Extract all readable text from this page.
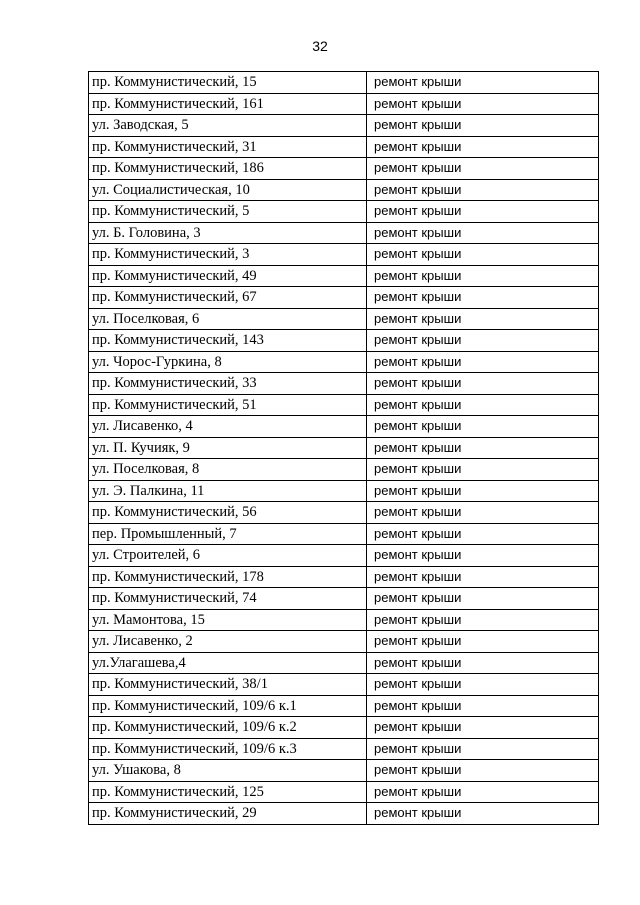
32
пр. Коммунистический, 15	ремонт крыши
пр. Коммунистический, 161	ремонт крыши
ул. Заводская, 5	ремонт крыши
пр. Коммунистический, 31	ремонт крыши
пр. Коммунистический, 186	ремонт крыши
ул. Социалистическая, 10	ремонт крыши
пр. Коммунистический, 5	ремонт крыши
ул. Б. Головина, 3	ремонт крыши
пр. Коммунистический, 3	ремонт крыши
пр. Коммунистический, 49	ремонт крыши
пр. Коммунистический, 67	ремонт крыши
ул. Поселковая, 6	ремонт крыши
пр. Коммунистический, 143	ремонт крыши
ул. Чорос-Гуркина, 8	ремонт крыши
пр. Коммунистический, 33	ремонт крыши
пр. Коммунистический, 51	ремонт крыши
ул. Лисавенко, 4	ремонт крыши
ул. П. Кучияк, 9	ремонт крыши
ул. Поселковая, 8	ремонт крыши
ул. Э. Палкина, 11	ремонт крыши
пр. Коммунистический, 56	ремонт крыши
пер. Промышленный, 7	ремонт крыши
ул. Строителей, 6	ремонт крыши
пр. Коммунистический, 178	ремонт крыши
пр. Коммунистический, 74	ремонт крыши
ул. Мамонтова, 15	ремонт крыши
ул. Лисавенко, 2	ремонт крыши
ул.Улагашева,4	ремонт крыши
пр. Коммунистический, 38/1	ремонт крыши
пр. Коммунистический, 109/6 к.1	ремонт крыши
пр. Коммунистический, 109/6 к.2	ремонт крыши
пр. Коммунистический, 109/6 к.3	ремонт крыши
ул. Ушакова, 8	ремонт крыши
пр. Коммунистический, 125	ремонт крыши
пр. Коммунистический, 29	ремонт крыши
